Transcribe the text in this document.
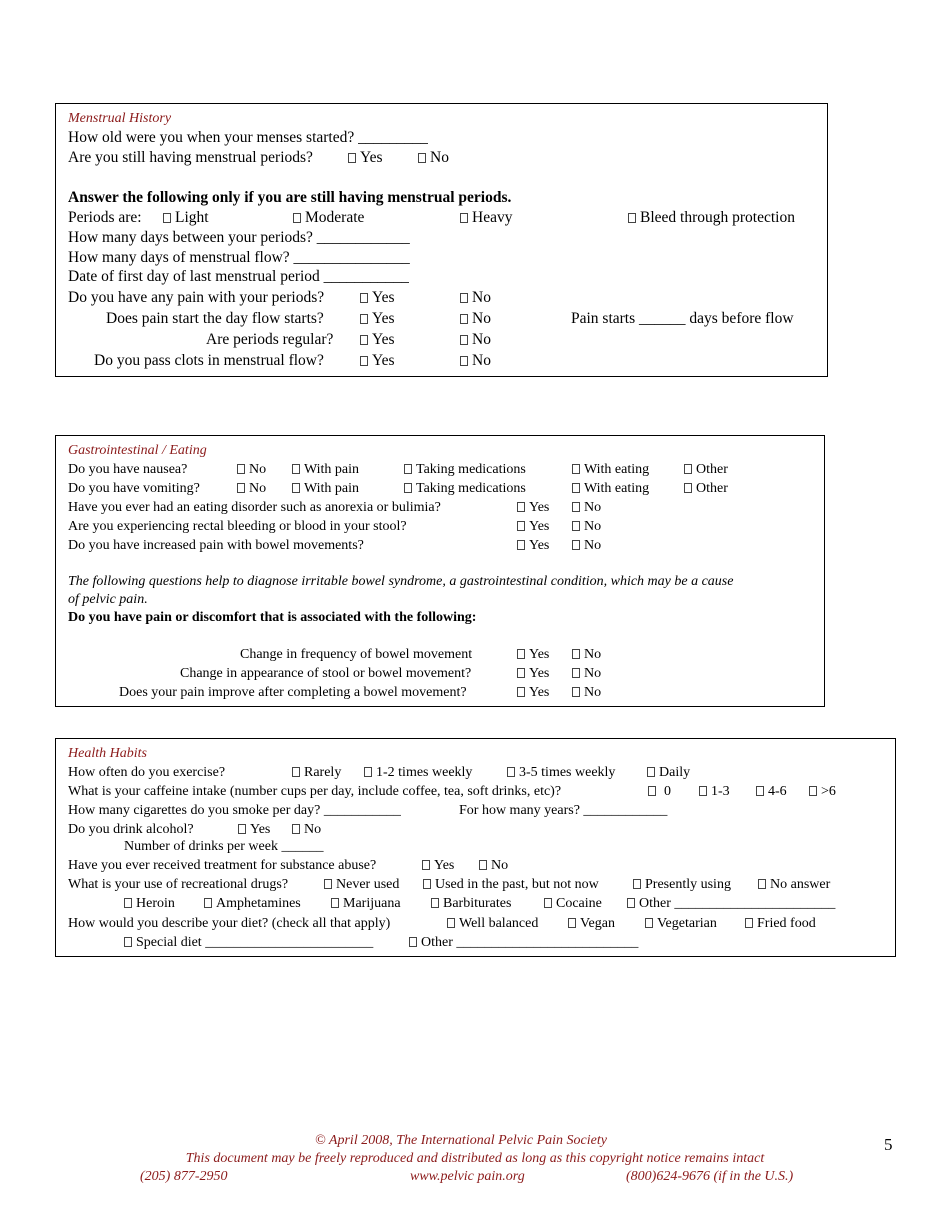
Menstrual History
How old were you when your menses started? _________
Are you still having menstrual periods?	Yes	No
Answer the following only if you are still having menstrual periods.
Periods are:	Light	Moderate	Heavy	Bleed through protection
How many days between your periods? ____________
How many days of menstrual flow? _______________
Date of first day of last menstrual period ___________
Do you have any pain with your periods?	Yes	No
Does pain start the day flow starts?	Yes	No	Pain starts ______ days before flow
Are periods regular?	Yes	No
Do you pass clots in menstrual flow?	Yes	No
Gastrointestinal / Eating
Do you have nausea?	No	With pain	Taking medications	With eating	Other
Do you have vomiting?	No	With pain	Taking medications	With eating	Other
Have you ever had an eating disorder such as anorexia or bulimia?	Yes	No
Are you experiencing rectal bleeding or blood in your stool?	Yes	No
Do you have increased pain with bowel movements?	Yes	No
The following questions help to diagnose irritable bowel syndrome, a gastrointestinal condition, which may be a cause
of pelvic pain.
Do you have pain or discomfort that is associated with the following:
Change in frequency of bowel movement	Yes	No
Change in appearance of stool or bowel movement?	Yes	No
Does your pain improve after completing a bowel movement?	Yes	No
Health Habits
How often do you exercise?	Rarely	1-2 times weekly	3-5 times weekly	Daily
What is your caffeine intake (number cups per day, include coffee, tea, soft drinks, etc)?	0	1-3	4-6	>6
How many cigarettes do you smoke per day? ___________	For how many years? ____________
Do you drink alcohol?	Yes	No
Number of drinks per week ______
Have you ever received treatment for substance abuse?	Yes	No
What is your use of recreational drugs?	Never used	Used in the past, but not now	Presently using	No answer
Heroin	Amphetamines	Marijuana	Barbiturates	Cocaine	Other _______________________
How would you describe your diet? (check all that apply)	Well balanced	Vegan	Vegetarian	Fried food
Special diet ________________________	Other __________________________
© April 2008, The International Pelvic Pain Society
This document may be freely reproduced and distributed as long as this copyright notice remains intact
(205) 877-2950	www.pelvic pain.org	(800)624-9676 (if in the U.S.)
5
